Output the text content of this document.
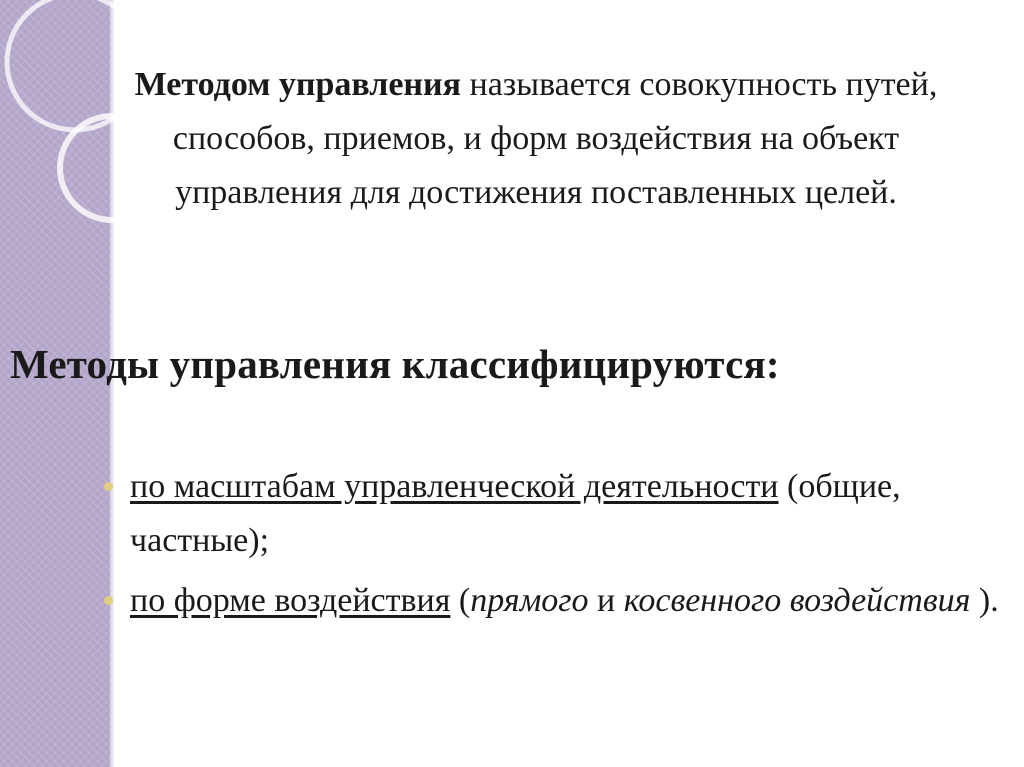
Методом управления называется совокупность путей, способов, приемов, и форм воздействия на объект управления для достижения поставленных целей.

Методы управления классифицируются:
по масштабам управленческой деятельности (общие, частные);
по форме воздействия (прямого и косвенного воздействия ).
